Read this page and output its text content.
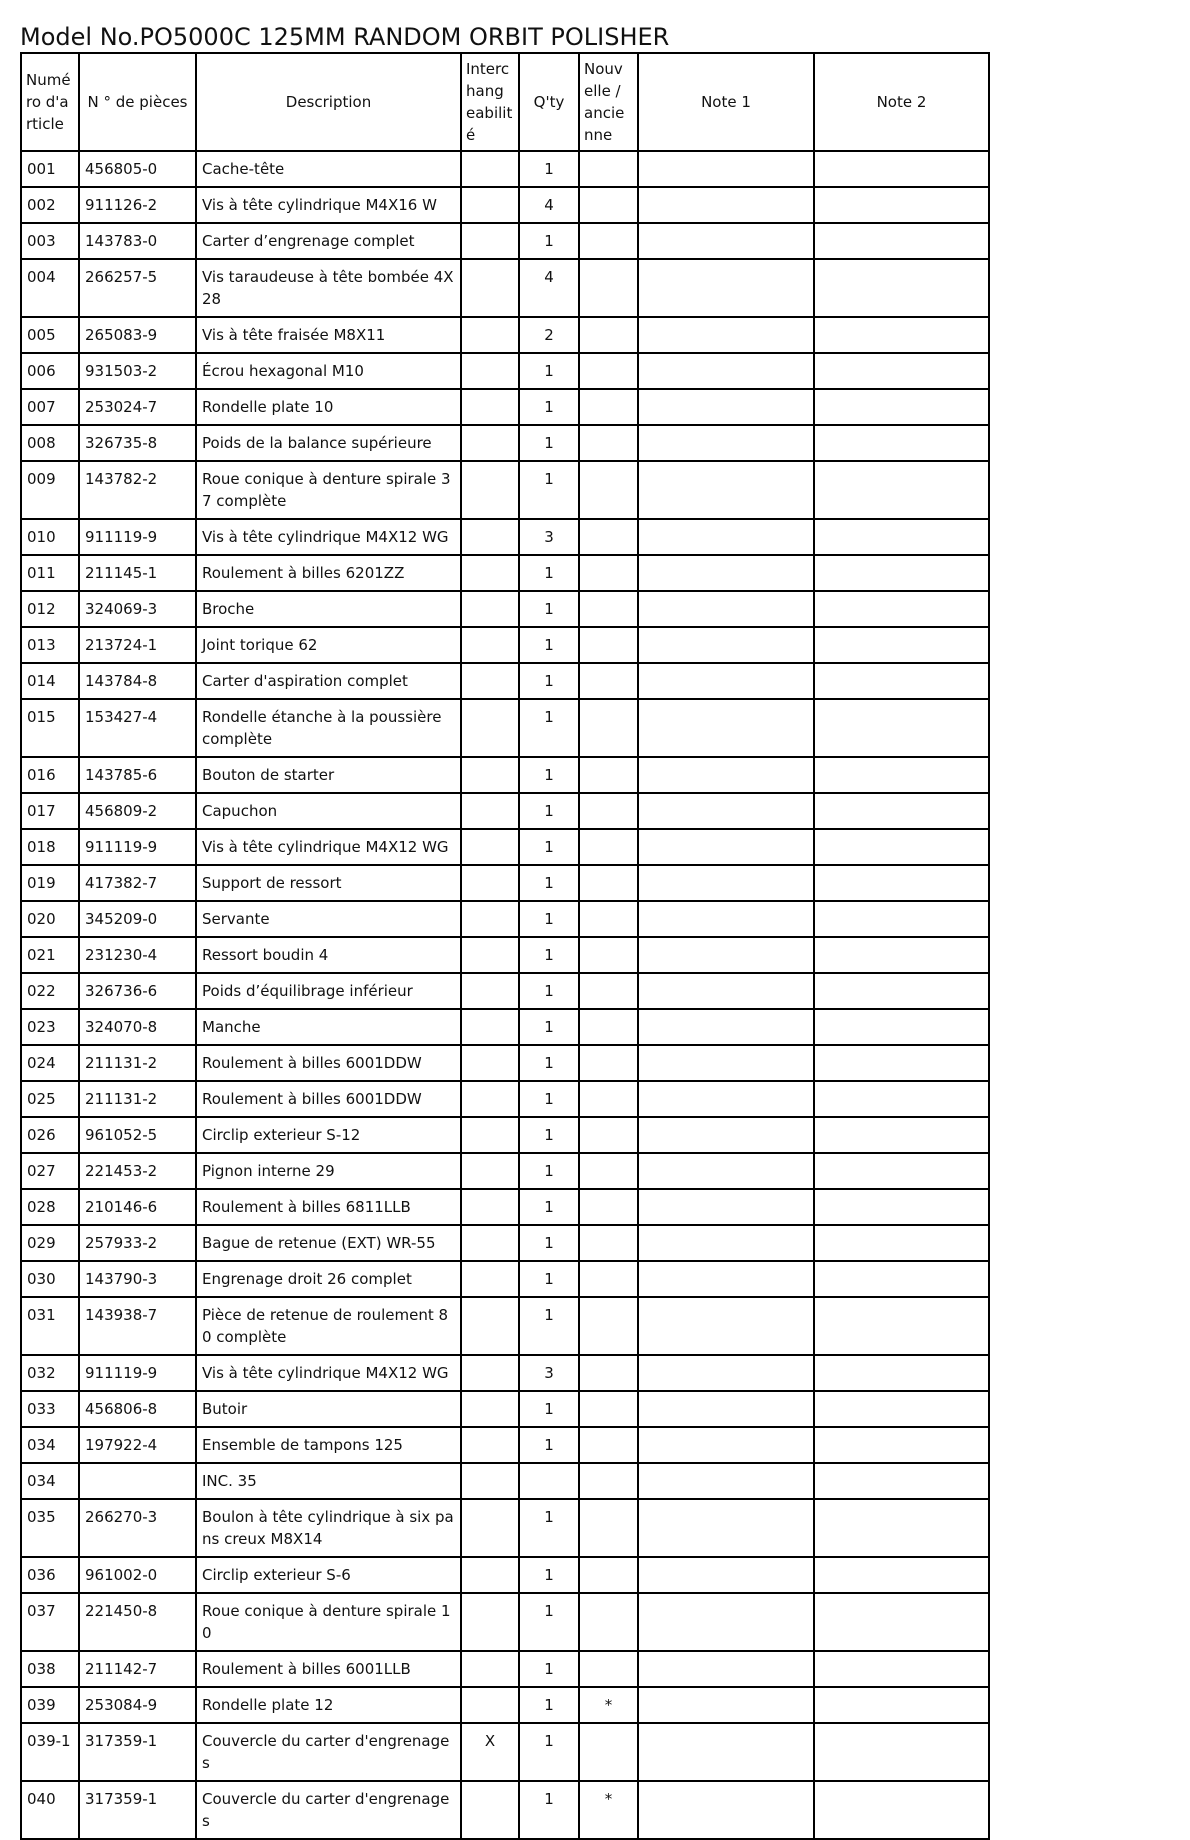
Model No.PO5000C 125MM RANDOM ORBIT POLISHER
Numé ro d'a rticle	N ° de pièces	Description	Interc hang eabilit é	Q'ty	Nouv elle / ancie nne	Note 1	Note 2
001	456805-0	Cache-tête		1			
002	911126-2	Vis à tête cylindrique M4X16 W		4			
003	143783-0	Carter d’engrenage complet		1			
004	266257-5	Vis taraudeuse à tête bombée 4X 28		4			
005	265083-9	Vis à tête fraisée M8X11		2			
006	931503-2	Écrou hexagonal M10		1			
007	253024-7	Rondelle plate 10		1			
008	326735-8	Poids de la balance supérieure		1			
009	143782-2	Roue conique à denture spirale 3 7 complète		1			
010	911119-9	Vis à tête cylindrique M4X12 WG		3			
011	211145-1	Roulement à billes 6201ZZ		1			
012	324069-3	Broche		1			
013	213724-1	Joint torique 62		1			
014	143784-8	Carter d'aspiration complet		1			
015	153427-4	Rondelle étanche à la poussière complète		1			
016	143785-6	Bouton de starter		1			
017	456809-2	Capuchon		1			
018	911119-9	Vis à tête cylindrique M4X12 WG		1			
019	417382-7	Support de ressort		1			
020	345209-0	Servante		1			
021	231230-4	Ressort boudin 4		1			
022	326736-6	Poids d’équilibrage inférieur		1			
023	324070-8	Manche		1			
024	211131-2	Roulement à billes 6001DDW		1			
025	211131-2	Roulement à billes 6001DDW		1			
026	961052-5	Circlip exterieur S-12		1			
027	221453-2	Pignon interne 29		1			
028	210146-6	Roulement à billes 6811LLB		1			
029	257933-2	Bague de retenue (EXT) WR-55		1			
030	143790-3	Engrenage droit 26 complet		1			
031	143938-7	Pièce de retenue de roulement 8 0 complète		1			
032	911119-9	Vis à tête cylindrique M4X12 WG		3			
033	456806-8	Butoir		1			
034	197922-4	Ensemble de tampons 125		1			
034		INC. 35					
035	266270-3	Boulon à tête cylindrique à six pa ns creux M8X14		1			
036	961002-0	Circlip exterieur S-6		1			
037	221450-8	Roue conique à denture spirale 1 0		1			
038	211142-7	Roulement à billes 6001LLB		1			
039	253084-9	Rondelle plate 12		1	*		
039-1	317359-1	Couvercle du carter d'engrenage s	X	1			
040	317359-1	Couvercle du carter d'engrenage s		1	*		
